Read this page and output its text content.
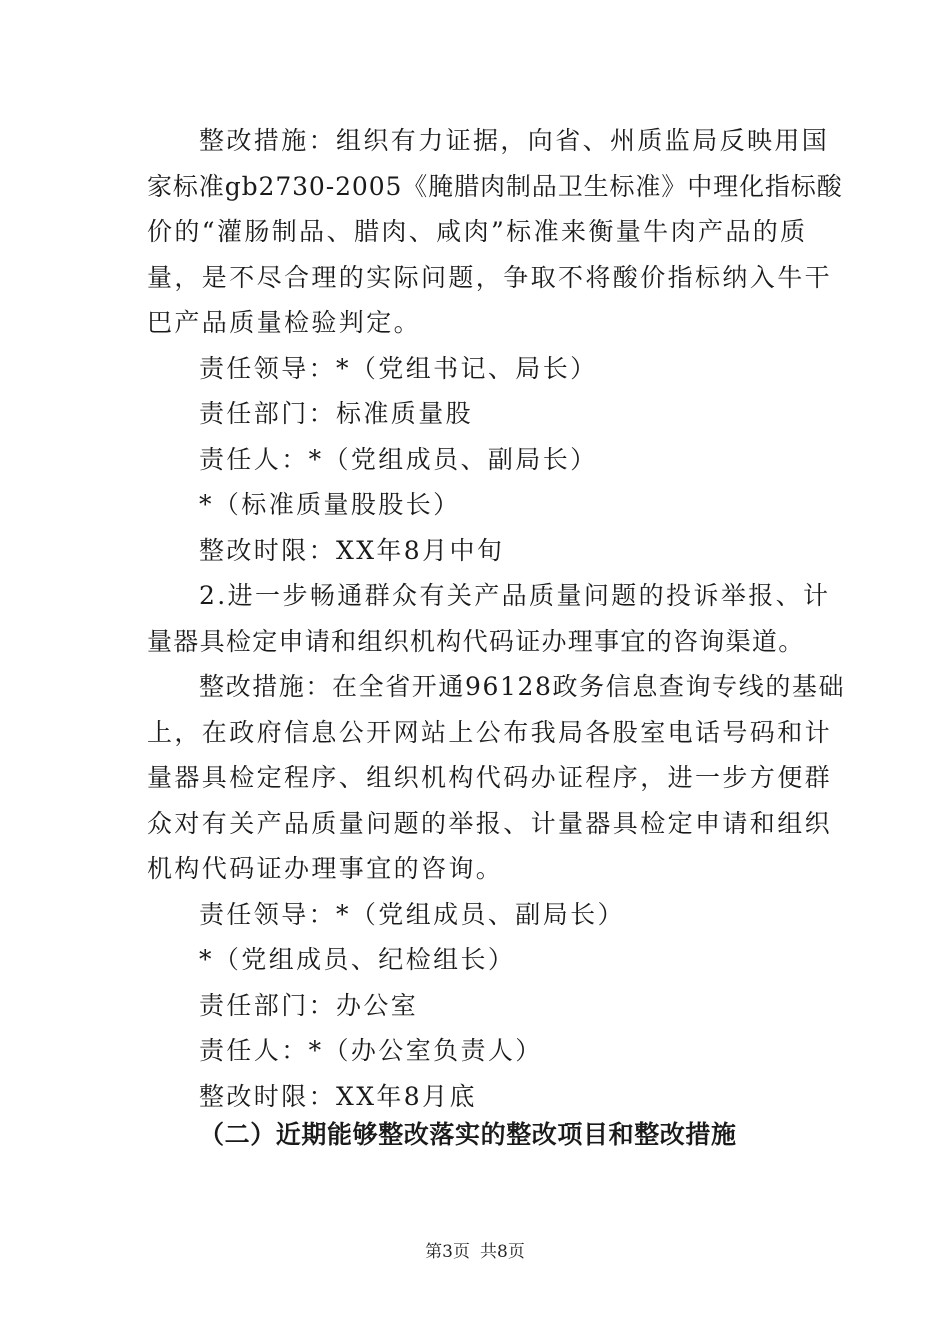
整改措施：组织有力证据，向省、州质监局反映用国
家标准gb2730-2005《腌腊肉制品卫生标准》中理化指标酸
价的“灌肠制品、腊肉、咸肉”标准来衡量牛肉产品的质
量，是不尽合理的实际问题，争取不将酸价指标纳入牛干
巴产品质量检验判定。
责任领导：*（党组书记、局长）
责任部门：标准质量股
责任人：*（党组成员、副局长）
*（标准质量股股长）
整改时限：XX年8月中旬
2.进一步畅通群众有关产品质量问题的投诉举报、计
量器具检定申请和组织机构代码证办理事宜的咨询渠道。
整改措施：在全省开通96128政务信息查询专线的基础
上，在政府信息公开网站上公布我局各股室电话号码和计
量器具检定程序、组织机构代码办证程序，进一步方便群
众对有关产品质量问题的举报、计量器具检定申请和组织
机构代码证办理事宜的咨询。
责任领导：*（党组成员、副局长）
*（党组成员、纪检组长）
责任部门：办公室
责任人：*（办公室负责人）
整改时限：XX年8月底
（二）近期能够整改落实的整改项目和整改措施
第3页 共8页
